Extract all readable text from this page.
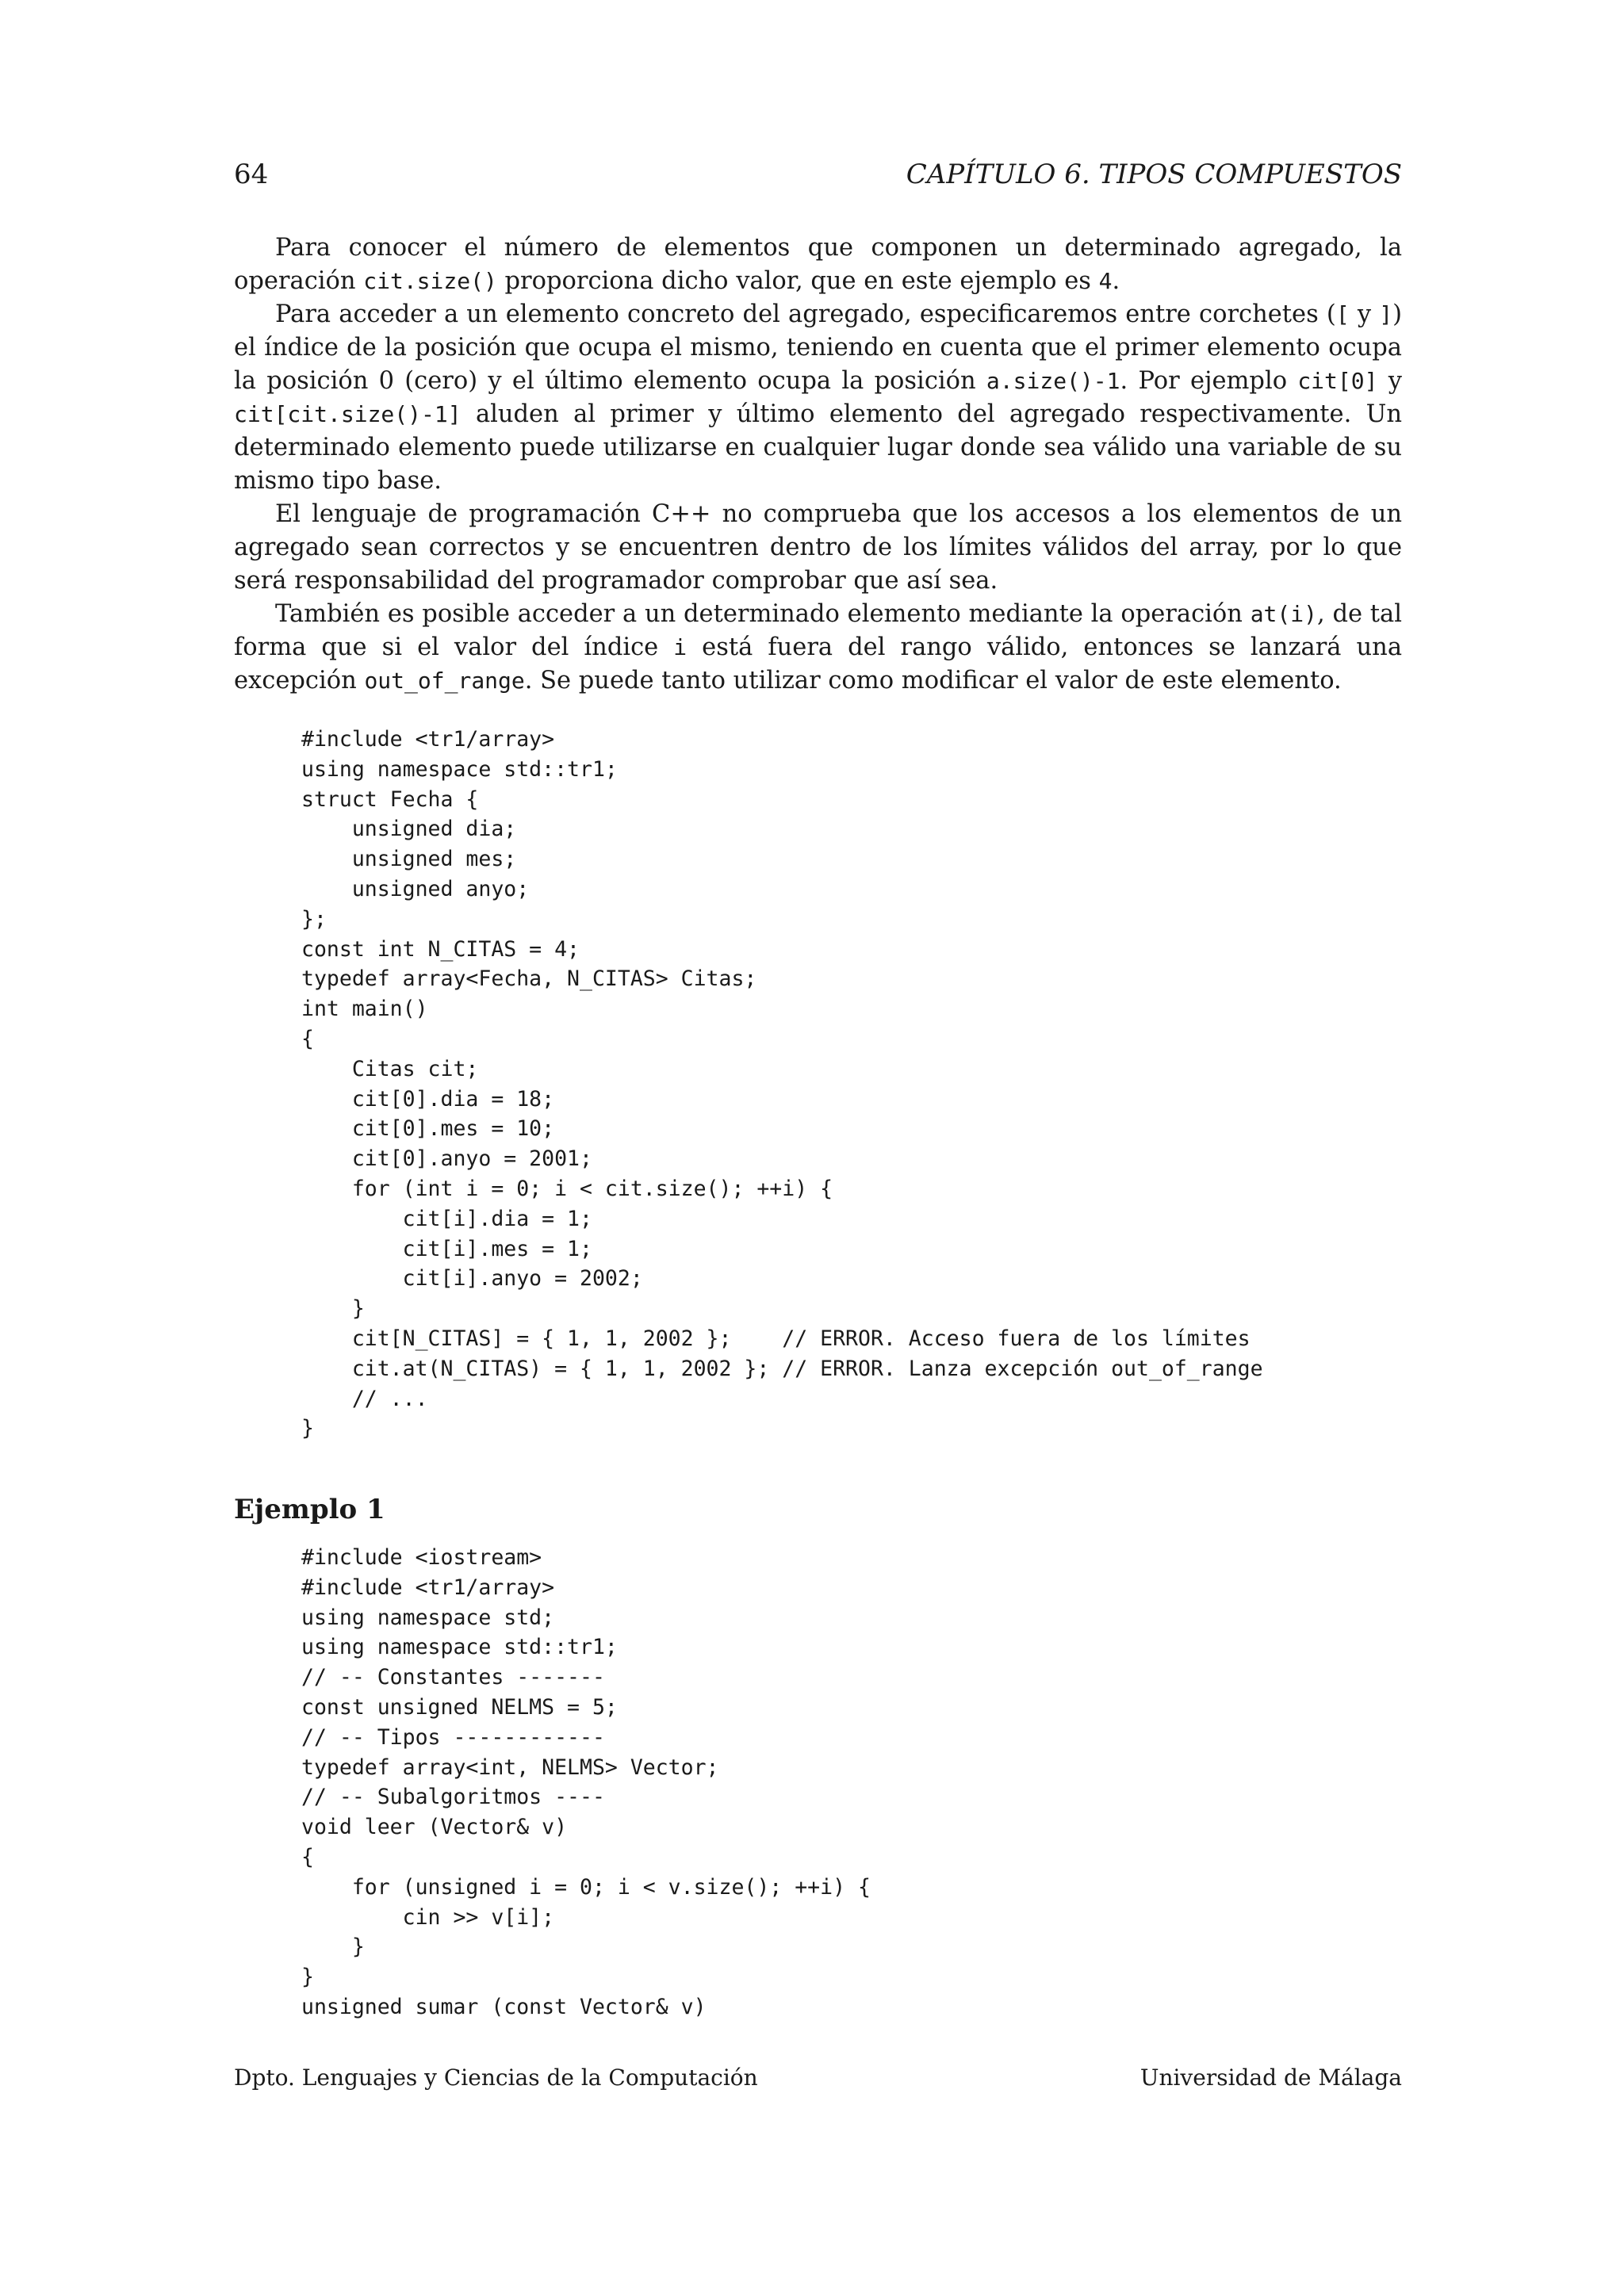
64	CAPÍTULO 6. TIPOS COMPUESTOS

Para conocer el número de elementos que componen un determinado agregado, la operación cit.size() proporciona dicho valor, que en este ejemplo es 4.

Para acceder a un elemento concreto del agregado, especificaremos entre corchetes ([ y ]) el índice de la posición que ocupa el mismo, teniendo en cuenta que el primer elemento ocupa la posición 0 (cero) y el último elemento ocupa la posición a.size()-1. Por ejemplo cit[0] y cit[cit.size()-1] aluden al primer y último elemento del agregado respectivamente. Un determinado elemento puede utilizarse en cualquier lugar donde sea válido una variable de su mismo tipo base.

El lenguaje de programación C++ no comprueba que los accesos a los elementos de un agregado sean correctos y se encuentren dentro de los límites válidos del array, por lo que será responsabilidad del programador comprobar que así sea.

También es posible acceder a un determinado elemento mediante la operación at(i), de tal forma que si el valor del índice i está fuera del rango válido, entonces se lanzará una excepción out_of_range. Se puede tanto utilizar como modificar el valor de este elemento.

#include <tr1/array>
using namespace std::tr1;
struct Fecha {
unsigned dia;
unsigned mes;
unsigned anyo;
};
const int N_CITAS = 4;
typedef array<Fecha, N_CITAS> Citas;
int main()
{
Citas cit;
cit[0].dia = 18;
cit[0].mes = 10;
cit[0].anyo = 2001;
for (int i = 0; i < cit.size(); ++i) {
cit[i].dia = 1;
cit[i].mes = 1;
cit[i].anyo = 2002;
}
cit[N_CITAS] = { 1, 1, 2002 };    // ERROR. Acceso fuera de los límites
cit.at(N_CITAS) = { 1, 1, 2002 }; // ERROR. Lanza excepción out_of_range
// ...
}
Ejemplo 1
#include <iostream>
#include <tr1/array>
using namespace std;
using namespace std::tr1;
// -- Constantes -------
const unsigned NELMS = 5;
// -- Tipos ------------
typedef array<int, NELMS> Vector;
// -- Subalgoritmos ----
void leer (Vector& v)
{
for (unsigned i = 0; i < v.size(); ++i) {
cin >> v[i];
}
}
unsigned sumar (const Vector& v)
Dpto. Lenguajes y Ciencias de la Computación	Universidad de Málaga
